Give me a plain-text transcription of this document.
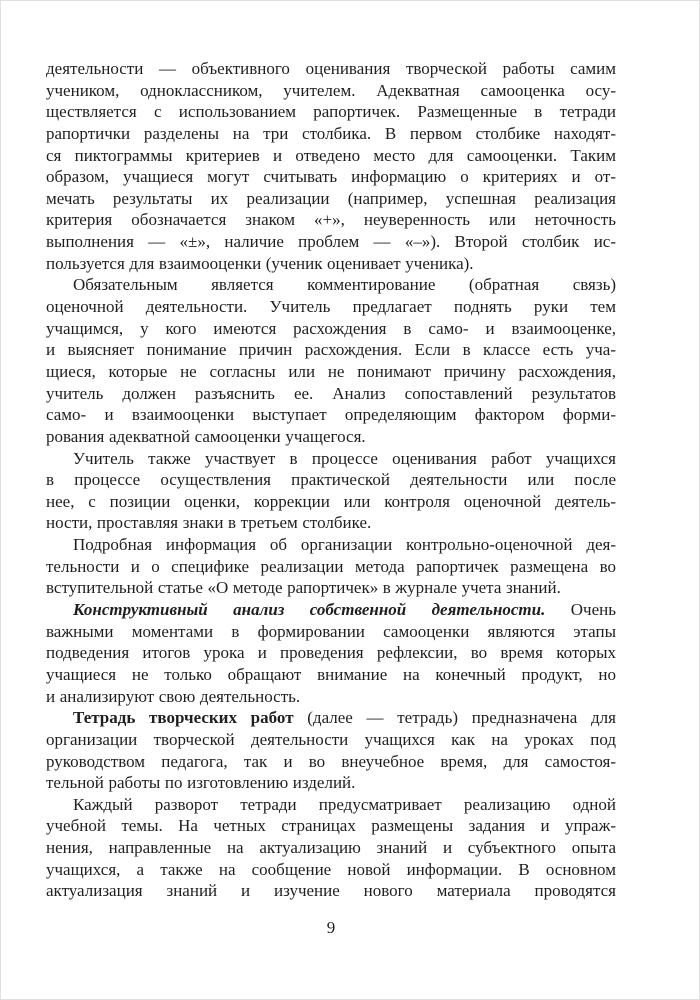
деятельности — объективного оценивания творческой работы самим
учеником, одноклассником, учителем. Адекватная самооценка осу-
ществляется с использованием рапортичек. Размещенные в тетради
рапортички разделены на три столбика. В первом столбике находят-
ся пиктограммы критериев и отведено место для самооценки. Таким
образом, учащиеся могут считывать информацию о критериях и от-
мечать результаты их реализации (например, успешная реализация
критерия обозначается знаком «+», неуверенность или неточность
выполнения — «±», наличие проблем — «–»). Второй столбик ис-
пользуется для взаимооценки (ученик оценивает ученика).
Обязательным является комментирование (обратная связь)
оценочной деятельности. Учитель предлагает поднять руки тем
учащимся, у кого имеются расхождения в само- и взаимооценке,
и выясняет понимание причин расхождения. Если в классе есть уча-
щиеся, которые не согласны или не понимают причину расхождения,
учитель должен разъяснить ее. Анализ сопоставлений результатов
само- и взаимооценки выступает определяющим фактором форми-
рования адекватной самооценки учащегося.
Учитель также участвует в процессе оценивания работ учащихся
в процессе осуществления практической деятельности или после
нее, с позиции оценки, коррекции или контроля оценочной деятель-
ности, проставляя знаки в третьем столбике.
Подробная информация об организации контрольно-оценочной дея-
тельности и о специфике реализации метода рапортичек размещена во
вступительной статье «О методе рапортичек» в журнале учета знаний.
Конструктивный анализ собственной деятельности. Очень
важными моментами в формировании самооценки являются этапы
подведения итогов урока и проведения рефлексии, во время которых
учащиеся не только обращают внимание на конечный продукт, но
и анализируют свою деятельность.
Тетрадь творческих работ (далее — тетрадь) предназначена для
организации творческой деятельности учащихся как на уроках под
руководством педагога, так и во внеучебное время, для самостоя-
тельной работы по изготовлению изделий.
Каждый разворот тетради предусматривает реализацию одной
учебной темы. На четных страницах размещены задания и упраж-
нения, направленные на актуализацию знаний и субъектного опыта
учащихся, а также на сообщение новой информации. В основном
актуализация знаний и изучение нового материала проводятся
9
